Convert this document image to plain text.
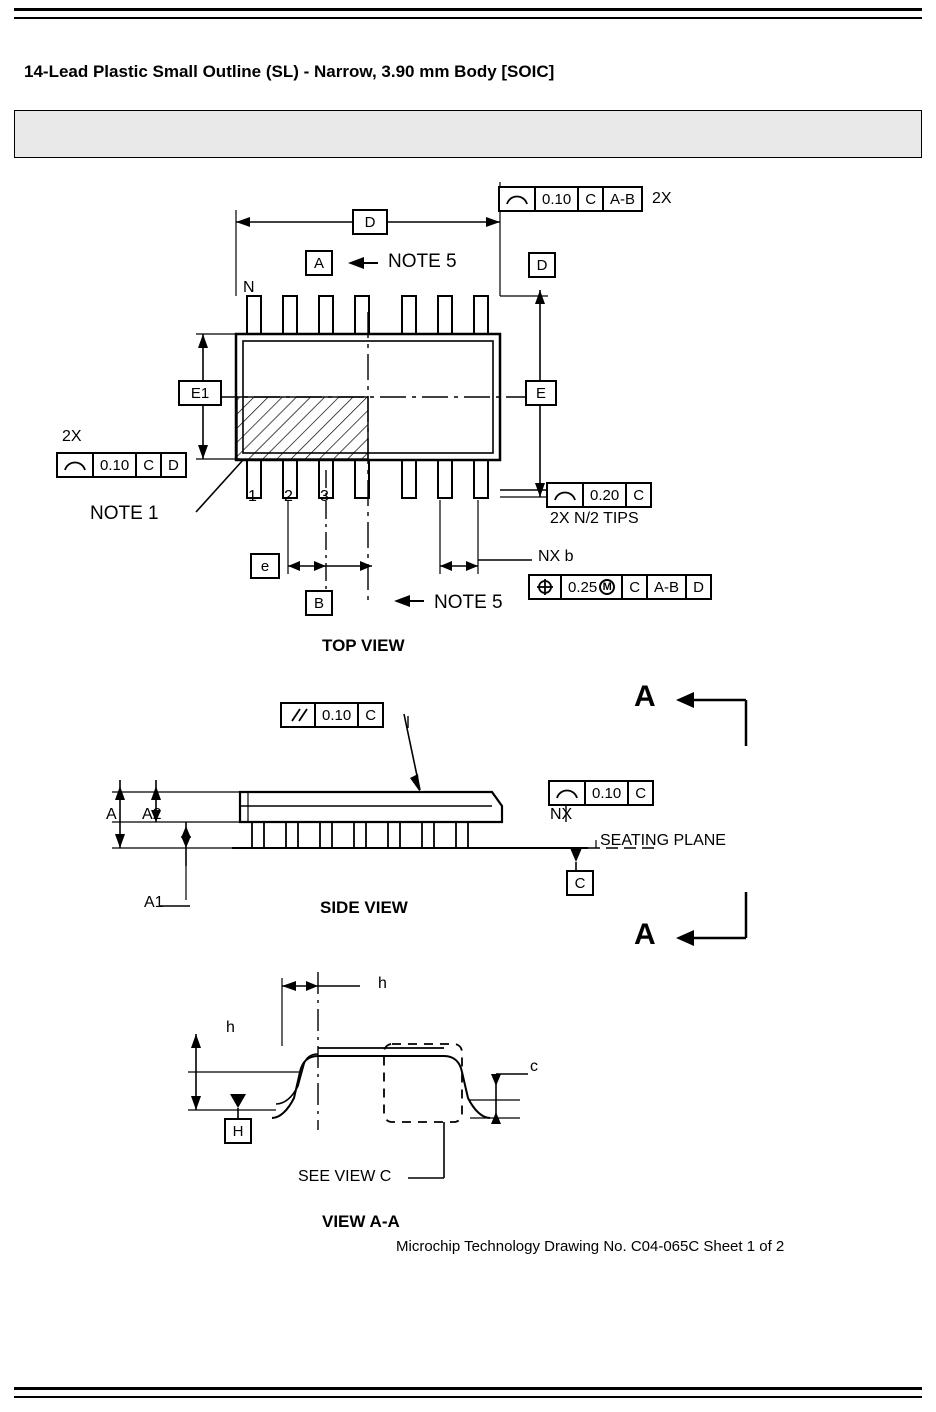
14-Lead Plastic Small Outline (SL) - Narrow, 3.90 mm Body [SOIC]
0.10 C A-B	2X
A	NOTE 5	D
N
D
E
E1
2X
0.10 C D
1 2 3
NOTE 1
0.20 C
2X N/2 TIPS
e
NX b
0.25 M	C A-B D
B	NOTE 5
TOP VIEW
0.10 C
A
A
0.10 C
NX
SEATING PLANE
C
A A2
A1	SIDE VIEW
h
h
c
H
SEE VIEW C
VIEW A-A
Microchip Technology Drawing No. C04-065C Sheet 1 of 2
